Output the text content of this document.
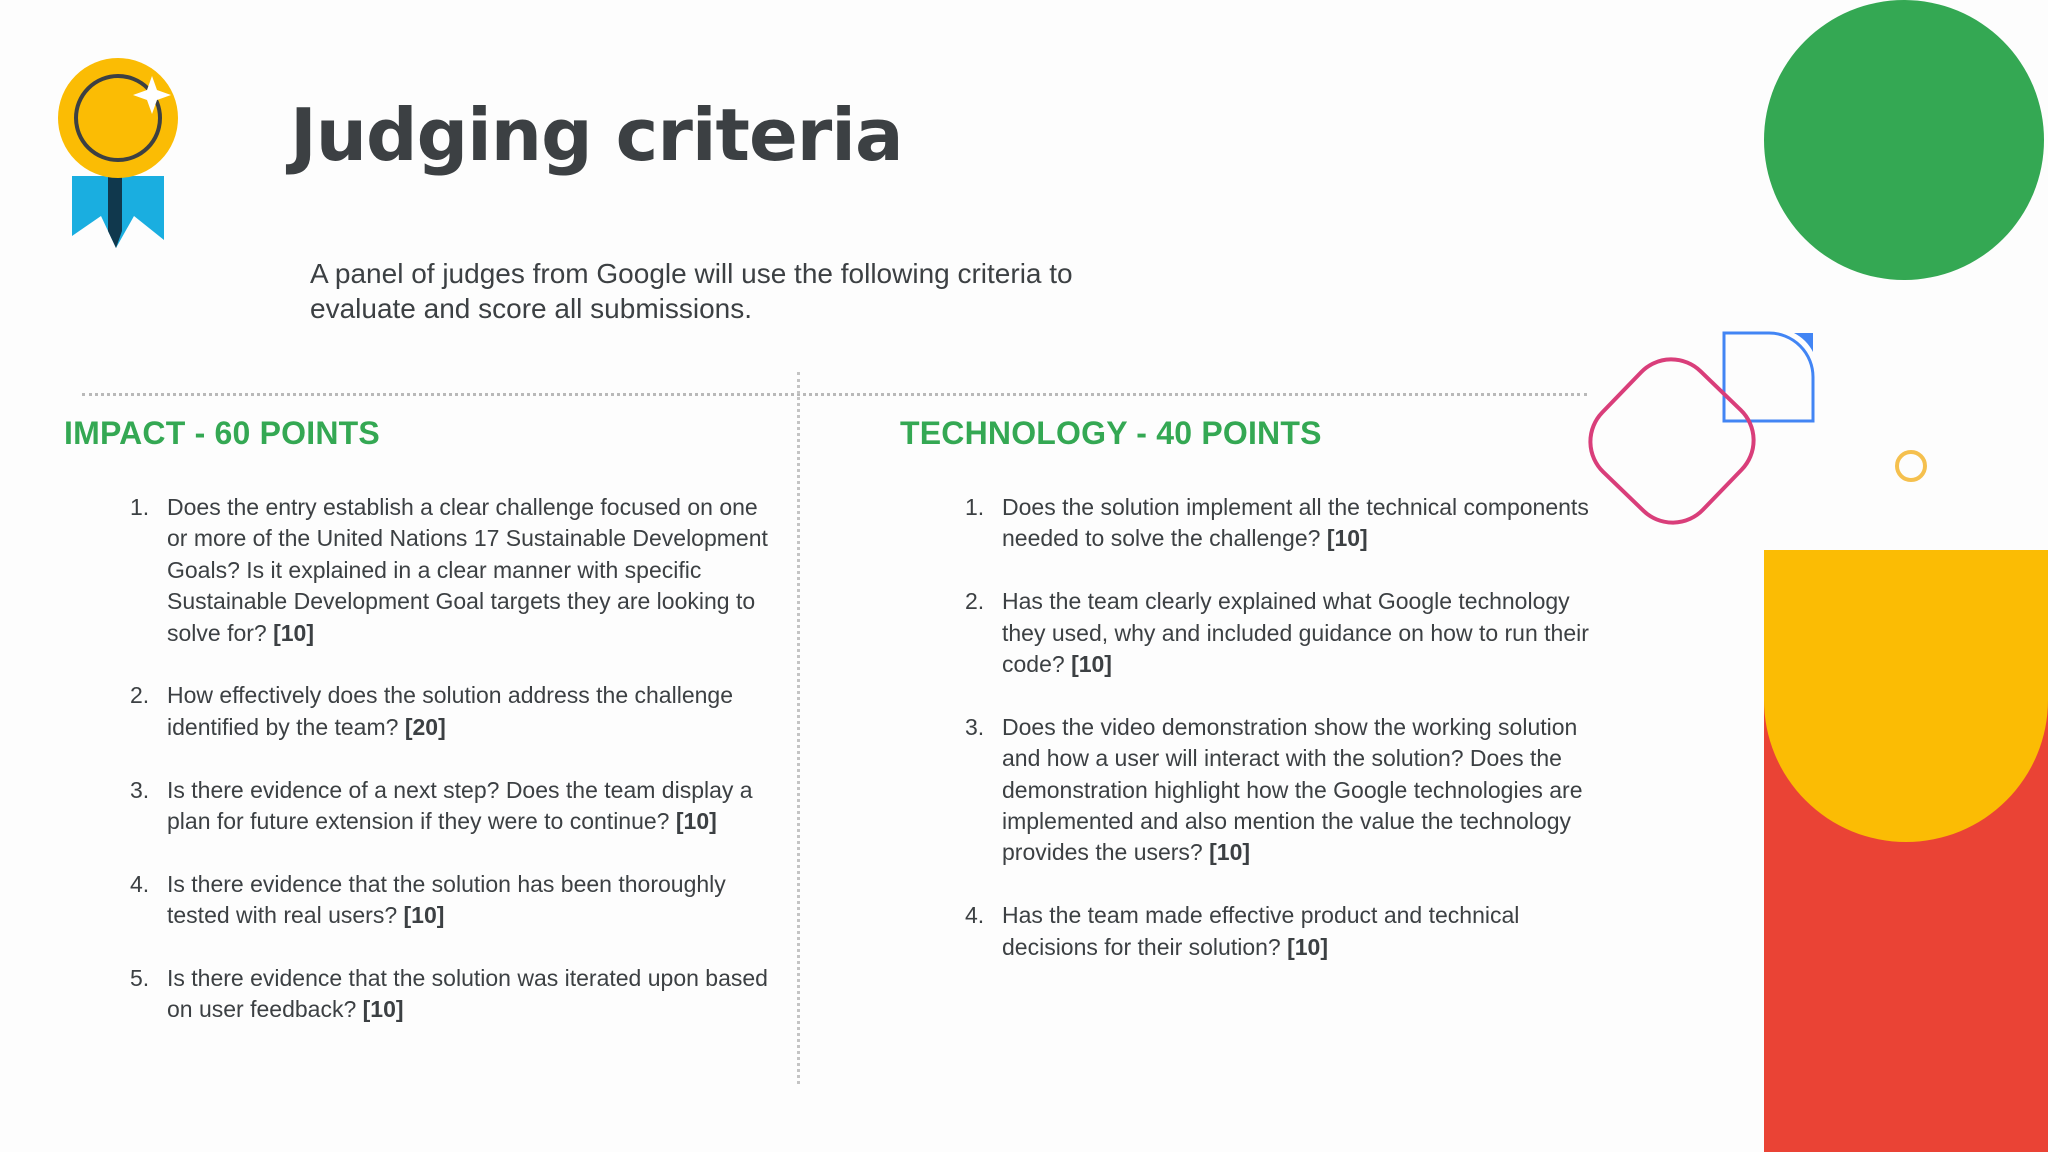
Judging criteria

A panel of judges from Google will use the following criteria to evaluate and score all submissions.

IMPACT - 60 POINTS
1. Does the entry establish a clear challenge focused on one or more of the United Nations 17 Sustainable Development Goals? Is it explained in a clear manner with specific Sustainable Development Goal targets they are looking to solve for? [10]
2. How effectively does the solution address the challenge identified by the team? [20]
3. Is there evidence of a next step? Does the team display a plan for future extension if they were to continue? [10]
4. Is there evidence that the solution has been thoroughly tested with real users? [10]
5. Is there evidence that the solution was iterated upon based on user feedback? [10]
TECHNOLOGY - 40 POINTS
1. Does the solution implement all the technical components needed to solve the challenge? [10]
2. Has the team clearly explained what Google technology they used, why and included guidance on how to run their code? [10]
3. Does the video demonstration show the working solution and how a user will interact with the solution? Does the demonstration highlight how the Google technologies are implemented and also mention the value the technology provides the users? [10]
4. Has the team made effective product and technical decisions for their solution? [10]
